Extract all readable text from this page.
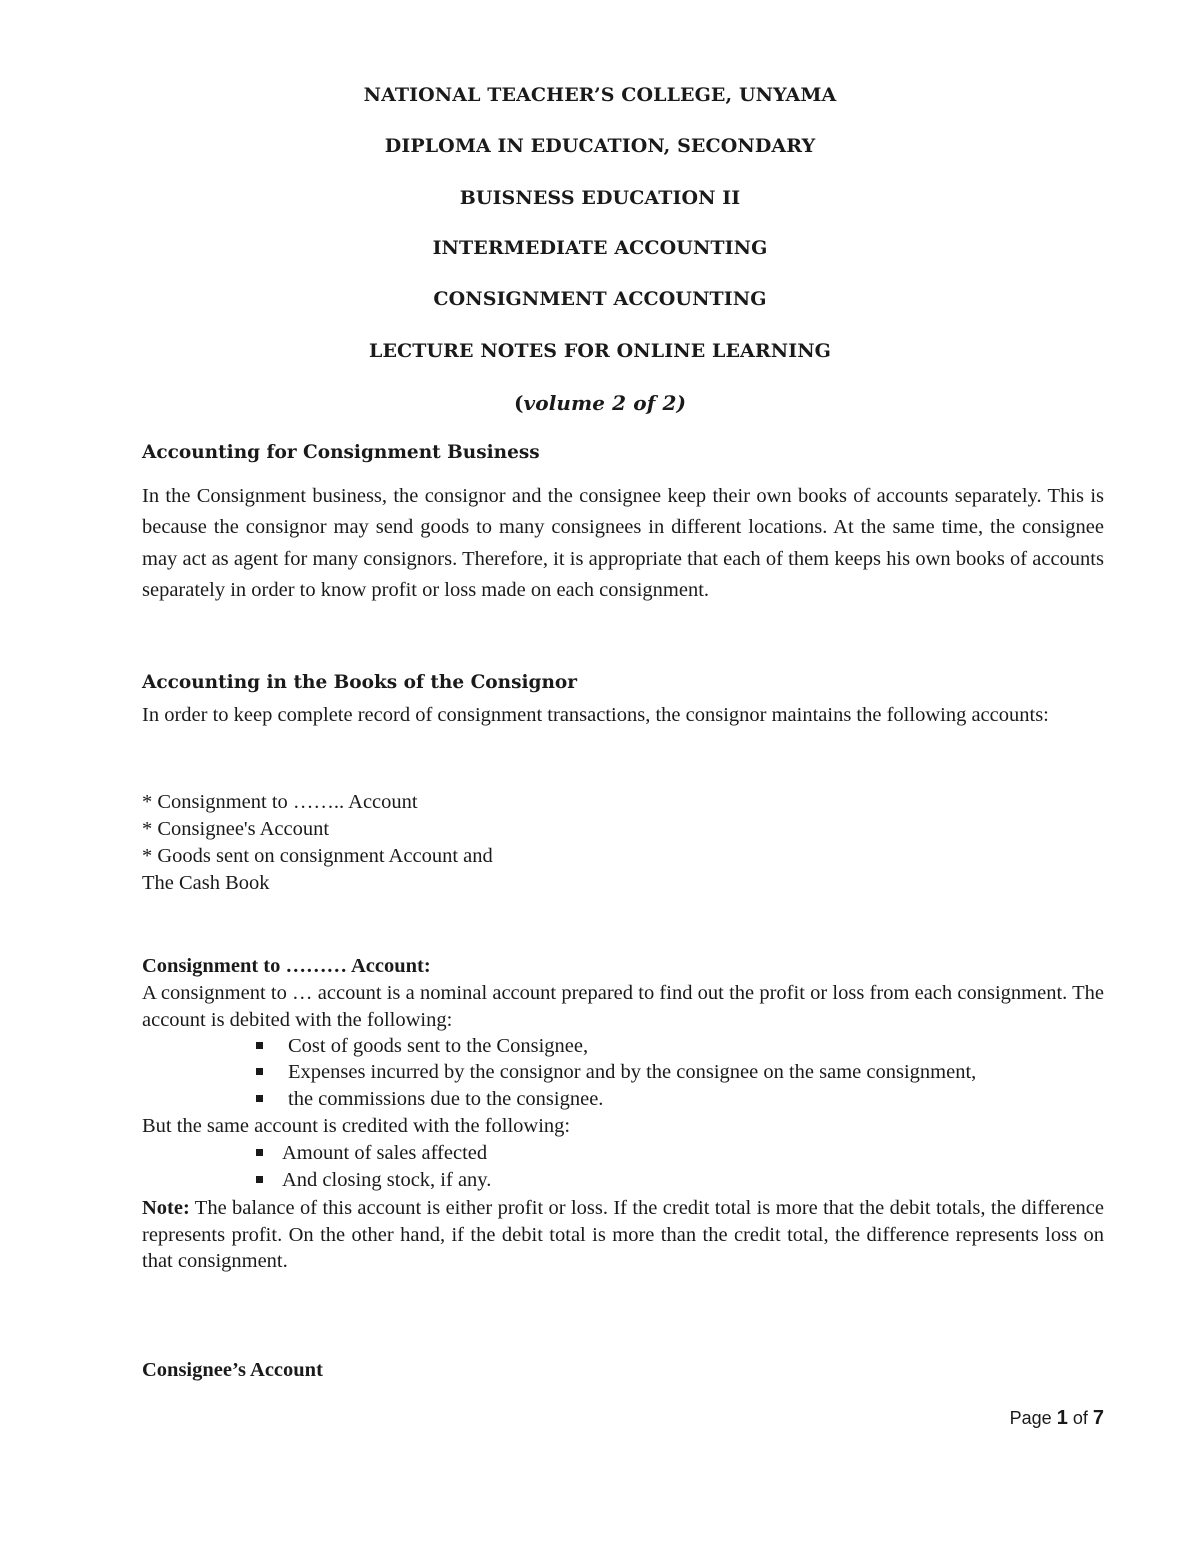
NATIONAL TEACHER’S COLLEGE, UNYAMA
DIPLOMA IN EDUCATION, SECONDARY
BUISNESS EDUCATION II
INTERMEDIATE ACCOUNTING
CONSIGNMENT ACCOUNTING
LECTURE NOTES FOR ONLINE LEARNING
(volume 2 of 2)
Accounting for Consignment Business
In the Consignment business, the consignor and the consignee keep their own books of accounts separately. This is because the consignor may send goods to many consignees in different locations. At the same time, the consignee may act as agent for many consignors. Therefore, it is appropriate that each of them keeps his own books of accounts separately in order to know profit or loss made on each consignment.
Accounting in the Books of the Consignor
In order to keep complete record of consignment transactions, the consignor maintains the following accounts:
* Consignment to …….. Account
* Consignee's Account
* Goods sent on consignment Account and
The Cash Book
Consignment to ……… Account:
A consignment to … account is a nominal account prepared to find out the profit or loss from each consignment. The account is debited with the following:
Cost of goods sent to the Consignee,
Expenses incurred by the consignor and by the consignee on the same consignment,
the commissions due to the consignee.
But the same account is credited with the following:
Amount of sales affected
And closing stock, if any.
Note: The balance of this account is either profit or loss. If the credit total is more that the debit totals, the difference represents profit. On the other hand, if the debit total is more than the credit total, the difference represents loss on that consignment.
Consignee’s Account
Page 1 of 7
